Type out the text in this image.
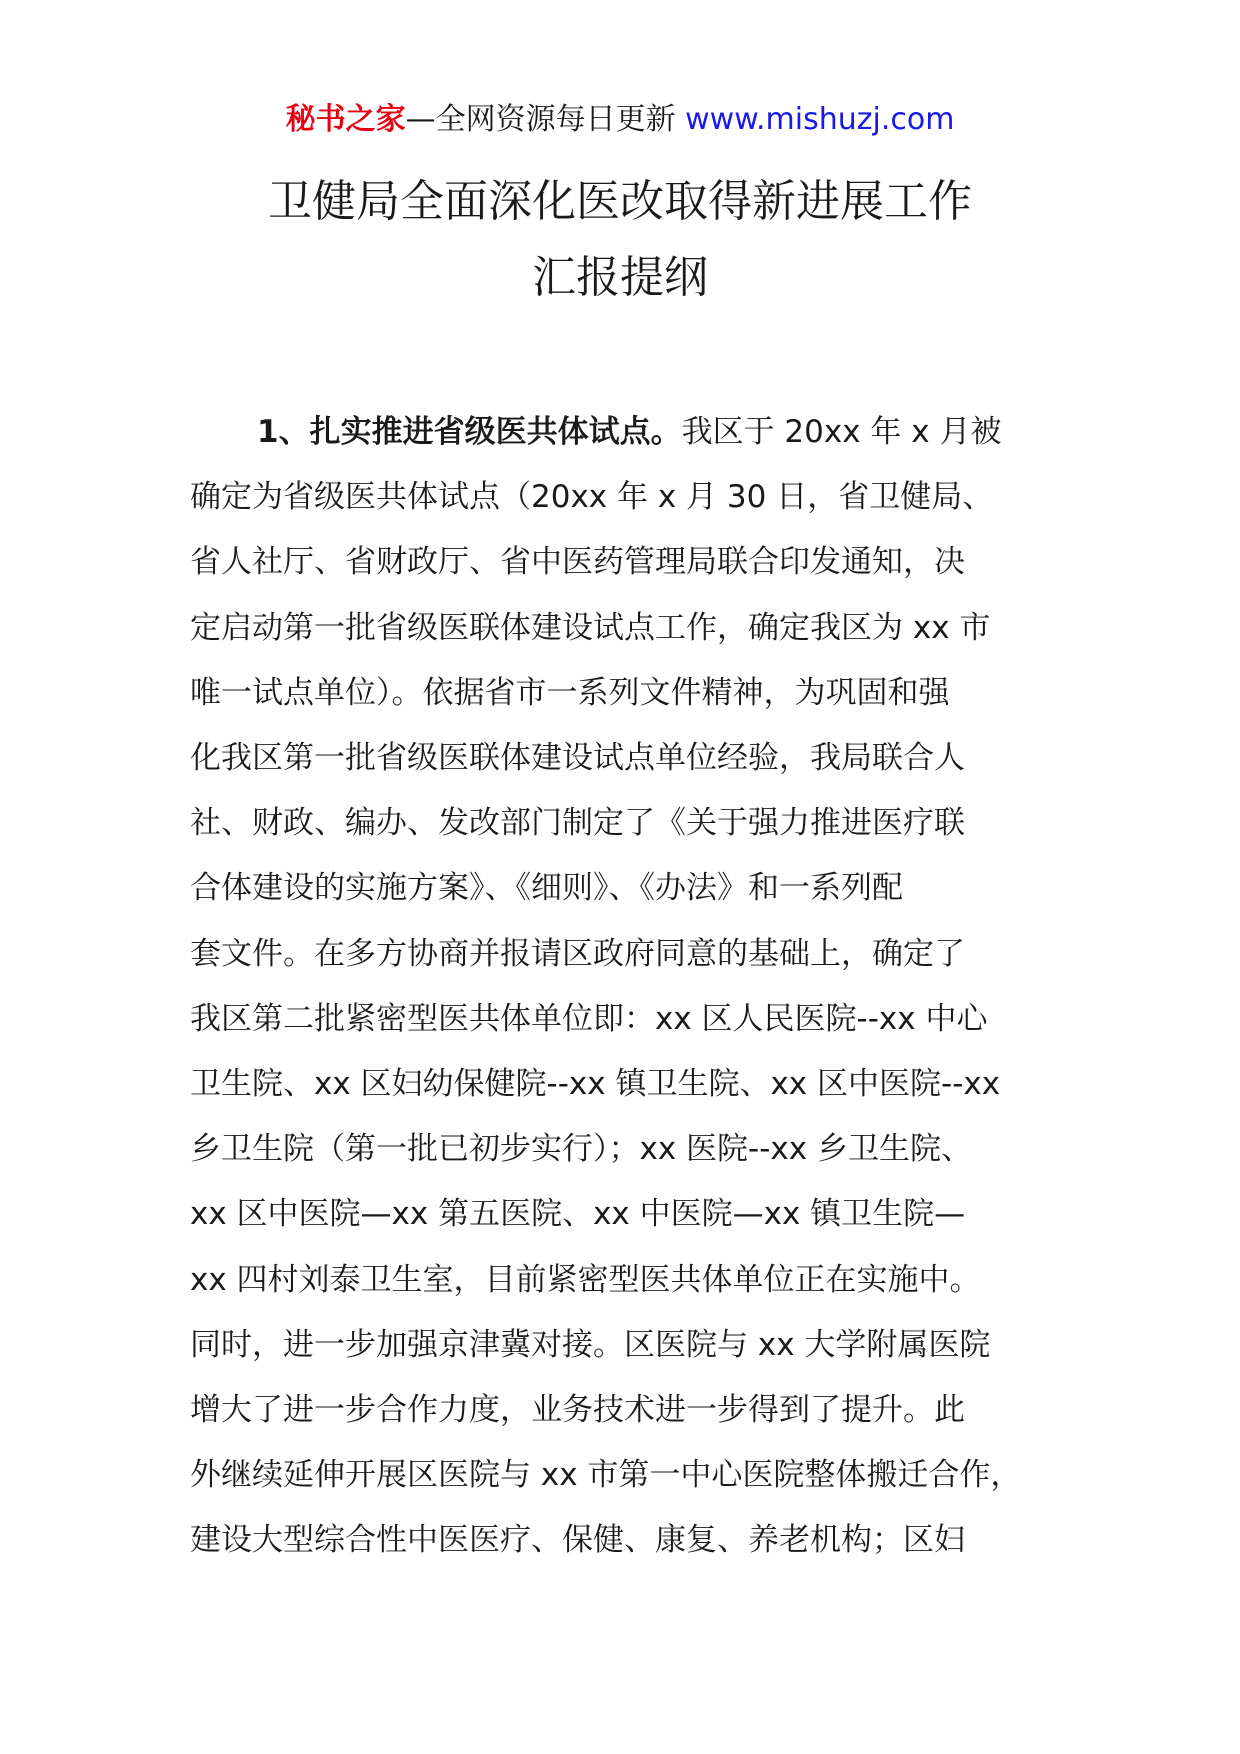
秘书之家—全网资源每日更新 www.mishuzj.com
卫健局全面深化医改取得新进展工作
汇报提纲
1、扎实推进省级医共体试点。我区于 20xx 年 x 月被
确定为省级医共体试点（20xx 年 x 月 30 日，省卫健局、
省人社厅、省财政厅、省中医药管理局联合印发通知，决
定启动第一批省级医联体建设试点工作，确定我区为 xx 市
唯一试点单位）。依据省市一系列文件精神，为巩固和强
化我区第一批省级医联体建设试点单位经验，我局联合人
社、财政、编办、发改部门制定了《关于强力推进医疗联
合体建设的实施方案》、《细则》、《办法》和一系列配
套文件。在多方协商并报请区政府同意的基础上，确定了
我区第二批紧密型医共体单位即：xx 区人民医院--xx 中心
卫生院、xx 区妇幼保健院--xx 镇卫生院、xx 区中医院--xx
乡卫生院（第一批已初步实行）；xx 医院--xx 乡卫生院、
xx 区中医院—xx 第五医院、xx 中医院—xx 镇卫生院—
xx 四村刘泰卫生室，目前紧密型医共体单位正在实施中。
同时，进一步加强京津冀对接。区医院与 xx 大学附属医院
增大了进一步合作力度，业务技术进一步得到了提升。此
外继续延伸开展区医院与 xx 市第一中心医院整体搬迁合作，
建设大型综合性中医医疗、保健、康复、养老机构；区妇
